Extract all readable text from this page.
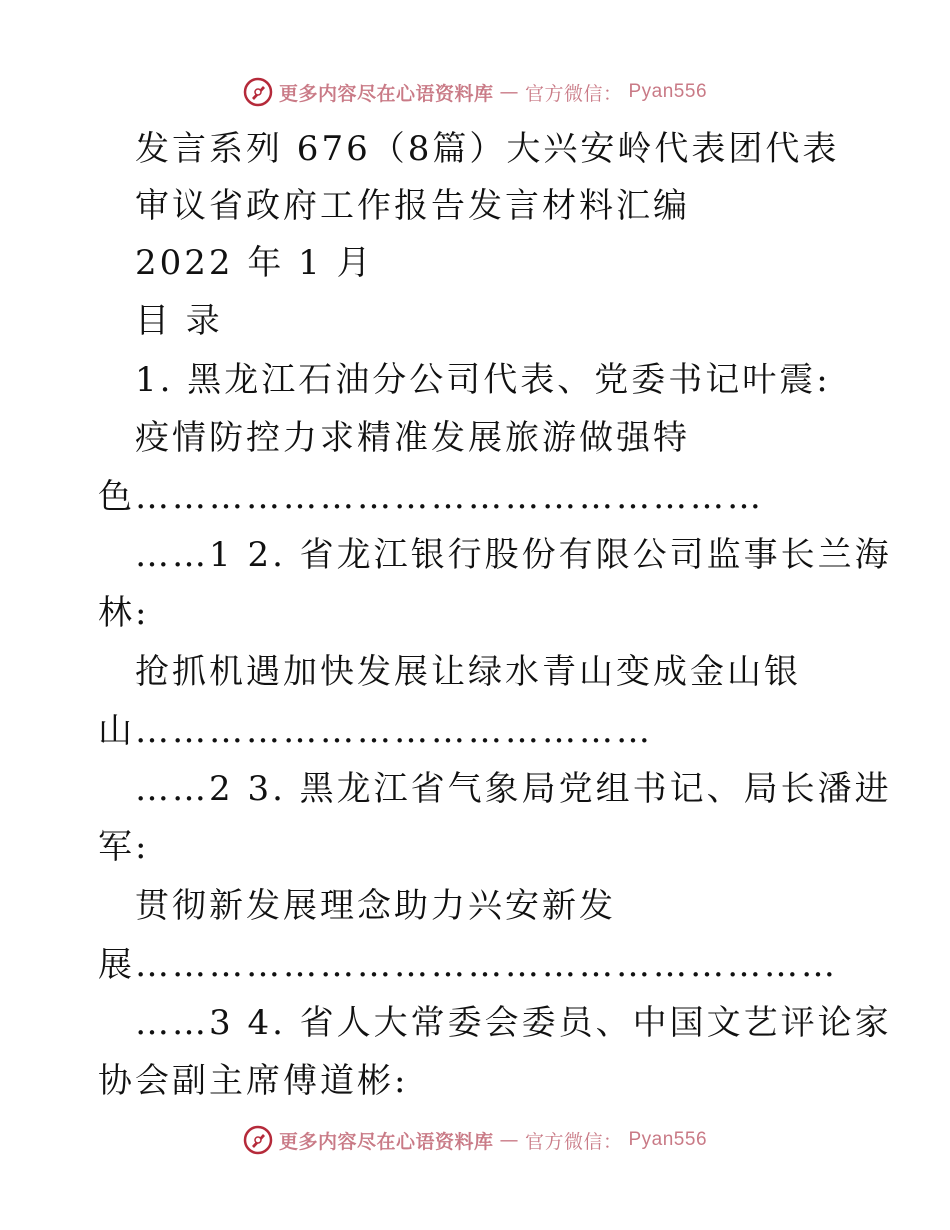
更多内容尽在心语资料库 — 官方微信： Pyan556
发言系列 676（8篇）大兴安岭代表团代表
审议省政府工作报告发言材料汇编
2022 年 1 月
目 录
1. 黑龙江石油分公司代表、党委书记叶震:
疫情防控力求精准发展旅游做强特
色……………………………………………
……1 2. 省龙江银行股份有限公司监事长兰海
林:
抢抓机遇加快发展让绿水青山变成金山银
山……………………………………
……2 3. 黑龙江省气象局党组书记、局长潘进
军:
贯彻新发展理念助力兴安新发
展…………………………………………………
……3 4. 省人大常委会委员、中国文艺评论家
协会副主席傅道彬:
更多内容尽在心语资料库 — 官方微信： Pyan556
